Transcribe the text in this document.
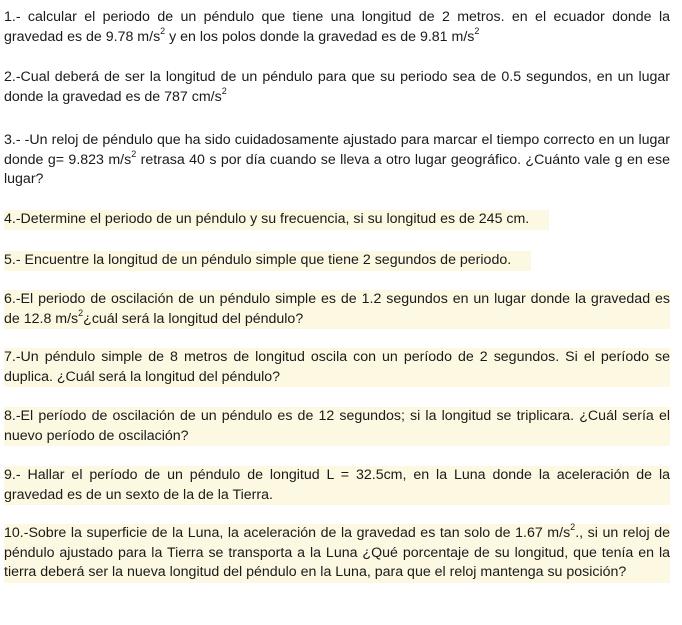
1.- calcular el periodo de un péndulo que tiene una longitud de 2 metros. en el ecuador donde la gravedad es de 9.78 $m/s^2$ y en los polos donde la gravedad es de 9.81 $m/s^2$
2.-Cual deberá de ser la longitud de un péndulo para que su periodo sea de 0.5 segundos, en un lugar donde la gravedad es de 787 $cm/s^2$
3.- -Un reloj de péndulo que ha sido cuidadosamente ajustado para marcar el tiempo correcto en un lugar donde g= 9.823 $m/s^2$ retrasa 40 s por día cuando se lleva a otro lugar geográfico. ¿Cuánto vale g en ese lugar?
4.-Determine el periodo de un péndulo y su frecuencia, si su longitud es de 245 cm.
5.- Encuentre la longitud de un péndulo simple que tiene 2 segundos de periodo.
6.-El periodo de oscilación de un péndulo simple es de 1.2 segundos en un lugar donde la gravedad es de 12.8 $m/s^2¿cuál$ será la longitud del péndulo?
7.-Un péndulo simple de 8 metros de longitud oscila con un período de 2 segundos. Si el período se duplica. ¿Cuál será la longitud del péndulo?
8.-El período de oscilación de un péndulo es de 12 segundos; si la longitud se triplicara. ¿Cuál sería el nuevo período de oscilación?
9.- Hallar el período de un péndulo de longitud L = 32.5cm, en la Luna donde la aceleración de la gravedad es de un sexto de la de la Tierra.
10.-Sobre la superficie de la Luna, la aceleración de la gravedad es tan solo de 1.67 $m/s^2$., si un reloj de péndulo ajustado para la Tierra se transporta a la Luna ¿Qué porcentaje de su longitud, que tenía en la tierra deberá ser la nueva longitud del péndulo en la Luna, para que el reloj mantenga su posición?
